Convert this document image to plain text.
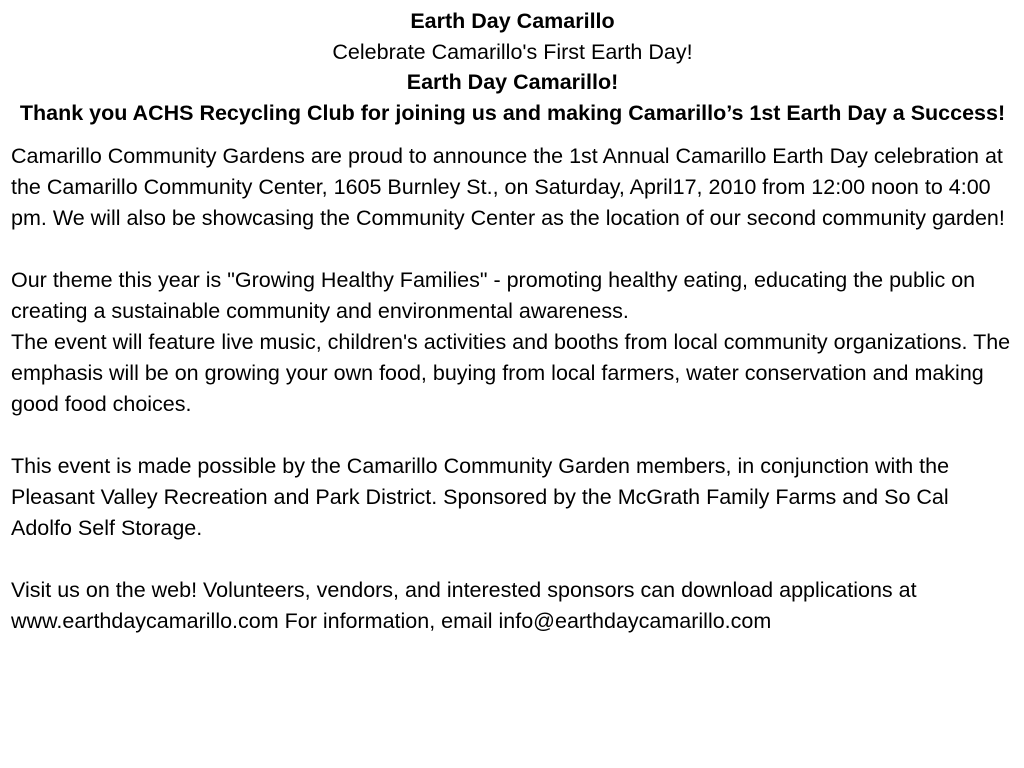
Earth Day Camarillo
Celebrate Camarillo's First Earth Day!
Earth Day Camarillo!
Thank you ACHS Recycling Club for joining us and making Camarillo’s 1st Earth Day a Success!

Camarillo Community Gardens are proud to announce the 1st Annual Camarillo Earth Day celebration at the Camarillo Community Center, 1605 Burnley St., on Saturday, April17, 2010 from 12:00 noon to 4:00 pm. We will also be showcasing the Community Center as the location of our second community garden!

Our theme this year is "Growing Healthy Families" - promoting healthy eating, educating the public on creating a sustainable community and environmental awareness.

The event will feature live music, children's activities and booths from local community organizations. The emphasis will be on growing your own food, buying from local farmers, water conservation and making good food choices.

This event is made possible by the Camarillo Community Garden members, in conjunction with the Pleasant Valley Recreation and Park District. Sponsored by the McGrath Family Farms and So Cal Adolfo Self Storage.

Visit us on the web! Volunteers, vendors, and interested sponsors can download applications at www.earthdaycamarillo.com For information, email info@earthdaycamarillo.com
